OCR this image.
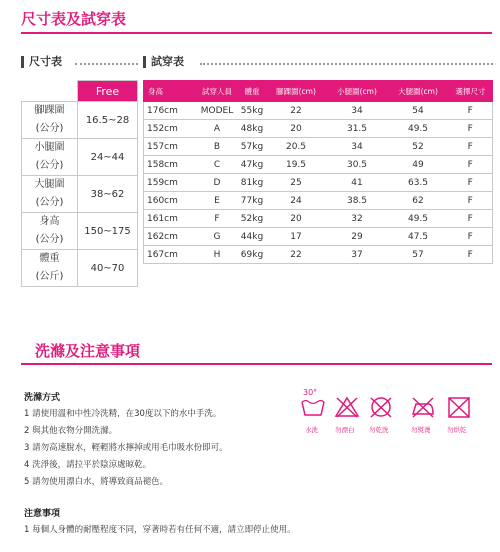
尺寸表及試穿表
尺寸表	試穿表
	Free
腳踝圍	16.5~28
(公分)	
小腿圍	24~44
(公分)	
大腿圍	38~62
(公分)	
身高	150~175
(公分)	
體重	40~70
(公斤)	
身高	試穿人員	體重	腳踝圍(cm)	小腿圍(cm)	大腿圍(cm)	選擇尺寸
176cm	MODEL	55kg	22	34	54	F
152cm	A	48kg	20	31.5	49.5	F
157cm	B	57kg	20.5	34	52	F
158cm	C	47kg	19.5	30.5	49	F
159cm	D	81kg	25	41	63.5	F
160cm	E	77kg	24	38.5	62	F
161cm	F	52kg	20	32	49.5	F
162cm	G	44kg	17	29	47.5	F
167cm	H	69kg	22	37	57	F
洗滌及注意事項
洗滌方式
1 請使用溫和中性冷洗精，在30度以下的水中手洗。
2 與其他衣物分開洗滌。
3 請勿高速脫水，輕輕將水擰掉或用毛巾吸水份即可。
4 洗淨後，請拉平於陰涼處晾乾。
5 請勿使用漂白水，將導致商品褪色。
30°
水洗	勿漂白 勿乾洗	勿熨燙	勿烘乾
注意事項
1 每個人身體的耐壓程度不同，穿著時若有任何不適，請立即停止使用。
